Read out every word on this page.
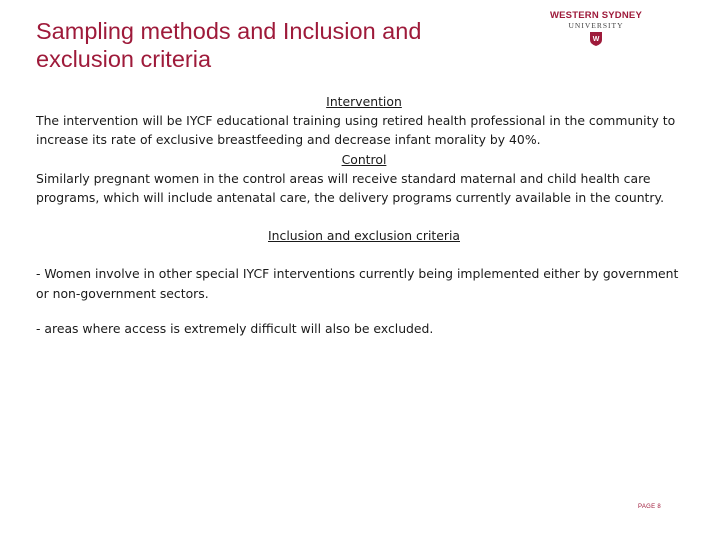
Sampling methods and Inclusion and exclusion criteria
WESTERN SYDNEY
UNIVERSITY
W
Intervention
The intervention will be IYCF educational training using retired health professional in the community to increase its rate of exclusive breastfeeding and decrease infant morality by 40%.
Control
Similarly pregnant women in the control areas will receive standard maternal and child health care programs, which will include antenatal care, the delivery programs currently available in the country.
Inclusion and exclusion criteria
- Women involve in other special IYCF interventions currently being implemented either by government or non-government sectors.
- areas where access is extremely difficult will also be excluded.
PAGE 8
